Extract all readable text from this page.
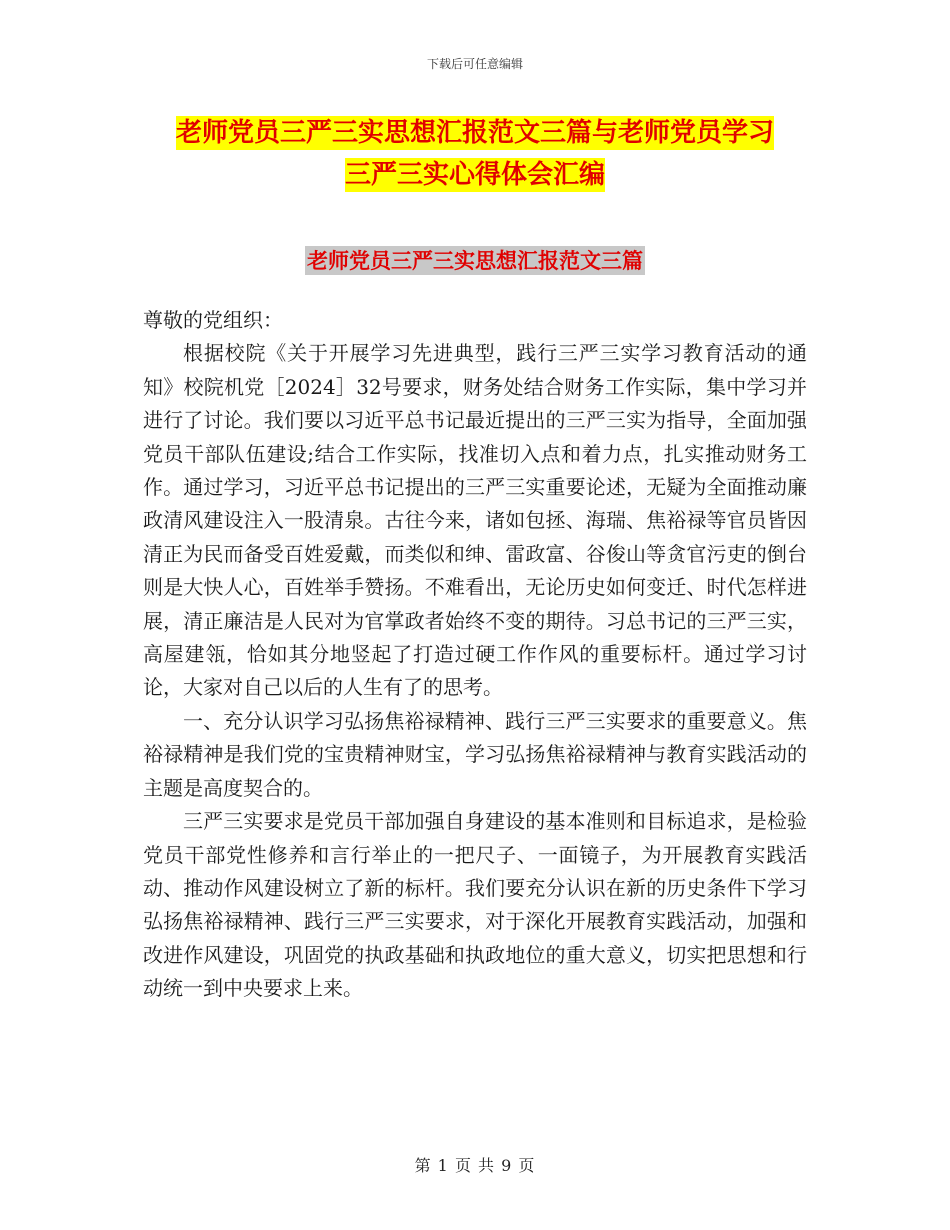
下载后可任意编辑
老师党员三严三实思想汇报范文三篇与老师党员学习
三严三实心得体会汇编
老师党员三严三实思想汇报范文三篇

尊敬的党组织：

根据校院《关于开展学习先进典型，践行三严三实学习教育活动的通知》校院机党［2024］32号要求，财务处结合财务工作实际，集中学习并进行了讨论。我们要以习近平总书记最近提出的三严三实为指导，全面加强党员干部队伍建设;结合工作实际，找准切入点和着力点，扎实推动财务工作。通过学习，习近平总书记提出的三严三实重要论述，无疑为全面推动廉政清风建设注入一股清泉。古往今来，诸如包拯、海瑞、焦裕禄等官员皆因清正为民而备受百姓爱戴，而类似和绅、雷政富、谷俊山等贪官污吏的倒台则是大快人心，百姓举手赞扬。不难看出，无论历史如何变迁、时代怎样进展，清正廉洁是人民对为官掌政者始终不变的期待。习总书记的三严三实，高屋建瓴，恰如其分地竖起了打造过硬工作作风的重要标杆。通过学习讨论，大家对自己以后的人生有了的思考。

一、充分认识学习弘扬焦裕禄精神、践行三严三实要求的重要意义。焦裕禄精神是我们党的宝贵精神财宝，学习弘扬焦裕禄精神与教育实践活动的主题是高度契合的。

三严三实要求是党员干部加强自身建设的基本准则和目标追求，是检验党员干部党性修养和言行举止的一把尺子、一面镜子，为开展教育实践活动、推动作风建设树立了新的标杆。我们要充分认识在新的历史条件下学习弘扬焦裕禄精神、践行三严三实要求，对于深化开展教育实践活动，加强和改进作风建设，巩固党的执政基础和执政地位的重大意义，切实把思想和行动统一到中央要求上来。

第 1 页 共 9 页
